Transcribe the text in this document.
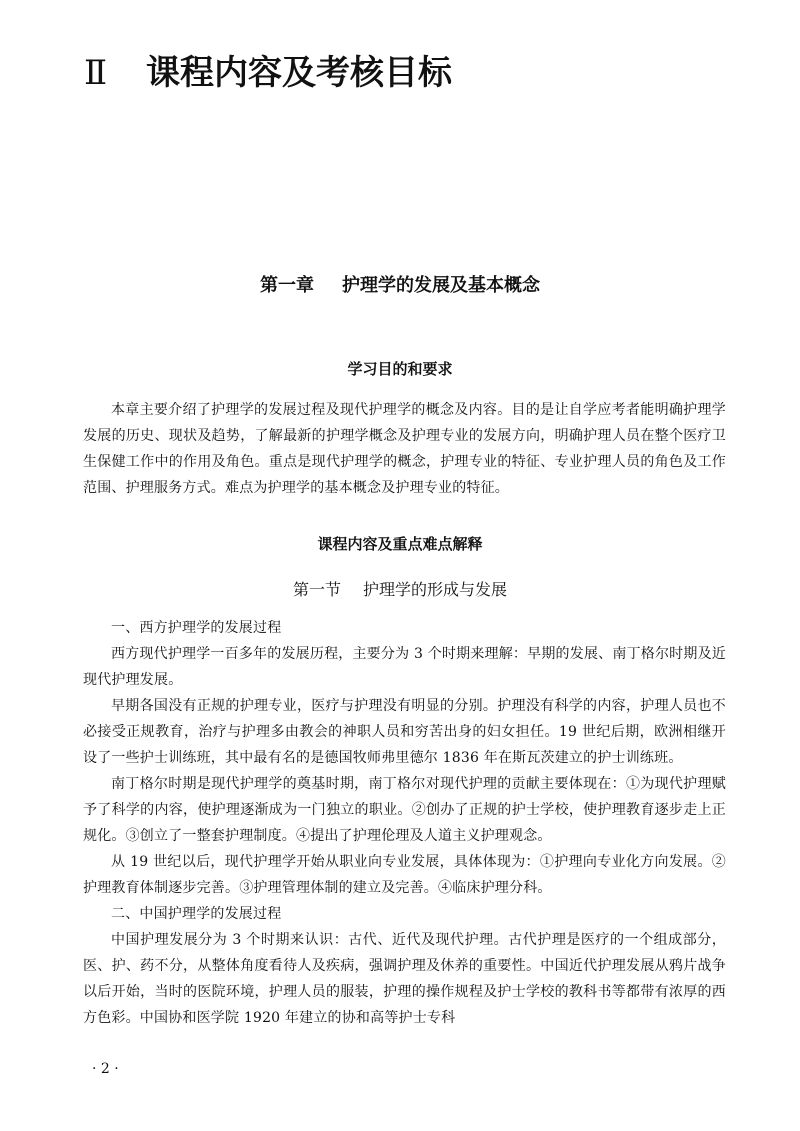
Ⅱ 课程内容及考核目标
第一章 护理学的发展及基本概念
学习目的和要求

本章主要介绍了护理学的发展过程及现代护理学的概念及内容。目的是让自学应考者能明确护理学发展的历史、现状及趋势，了解最新的护理学概念及护理专业的发展方向，明确护理人员在整个医疗卫生保健工作中的作用及角色。重点是现代护理学的概念，护理专业的特征、专业护理人员的角色及工作范围、护理服务方式。难点为护理学的基本概念及护理专业的特征。

课程内容及重点难点解释
第一节 护理学的形成与发展

一、西方护理学的发展过程

西方现代护理学一百多年的发展历程，主要分为 3 个时期来理解：早期的发展、南丁格尔时期及近现代护理发展。

早期各国没有正规的护理专业，医疗与护理没有明显的分别。护理没有科学的内容，护理人员也不必接受正规教育，治疗与护理多由教会的神职人员和穷苦出身的妇女担任。19 世纪后期，欧洲相继开设了一些护士训练班，其中最有名的是德国牧师弗里德尔 1836 年在斯瓦茨建立的护士训练班。

南丁格尔时期是现代护理学的奠基时期，南丁格尔对现代护理的贡献主要体现在：①为现代护理赋予了科学的内容，使护理逐渐成为一门独立的职业。②创办了正规的护士学校，使护理教育逐步走上正规化。③创立了一整套护理制度。④提出了护理伦理及人道主义护理观念。

从 19 世纪以后，现代护理学开始从职业向专业发展，具体体现为：①护理向专业化方向发展。②护理教育体制逐步完善。③护理管理体制的建立及完善。④临床护理分科。

二、中国护理学的发展过程

中国护理发展分为 3 个时期来认识：古代、近代及现代护理。古代护理是医疗的一个组成部分，医、护、药不分，从整体角度看待人及疾病，强调护理及休养的重要性。中国近代护理发展从鸦片战争以后开始，当时的医院环境，护理人员的服装，护理的操作规程及护士学校的教科书等都带有浓厚的西方色彩。中国协和医学院 1920 年建立的协和高等护士专科

· 2 ·
